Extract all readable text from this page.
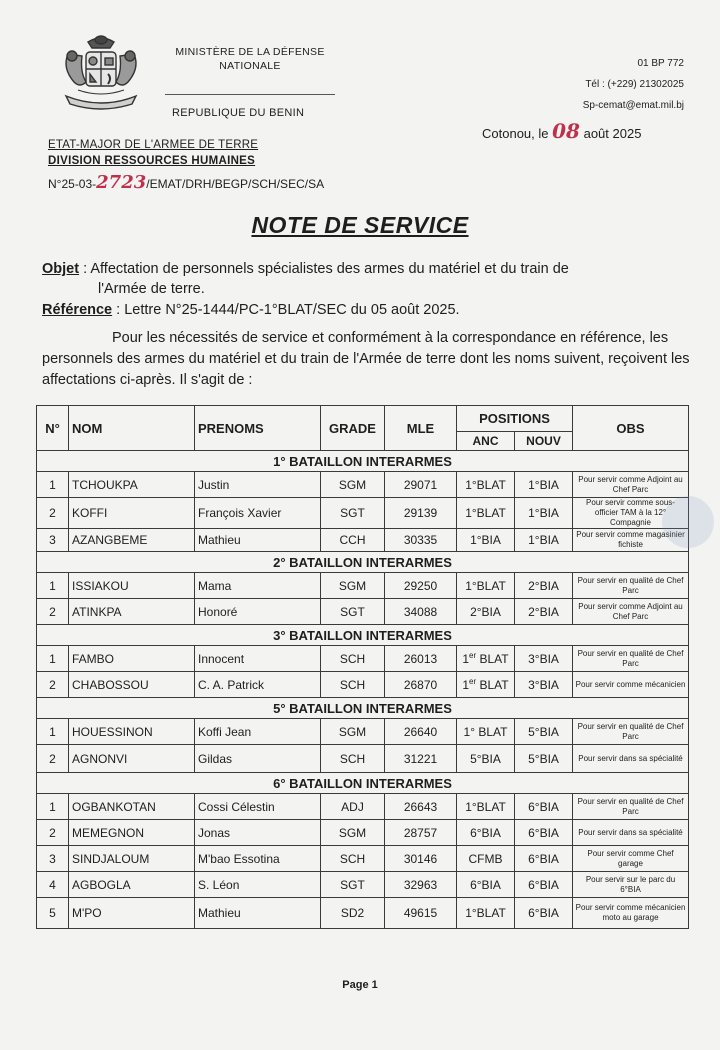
MINISTÈRE DE LA DÉFENSE
NATIONALE
REPUBLIQUE DU BENIN
01 BP 772
Tél : (+229) 21302025
Sp-cemat@emat.mil.bj
Cotonou, le 08 août 2025
ETAT-MAJOR DE L'ARMEE DE TERRE
DIVISION RESSOURCES HUMAINES
N°25-03-2723/EMAT/DRH/BEGP/SCH/SEC/SA
NOTE DE SERVICE
Objet : Affectation de personnels spécialistes des armes du matériel et du train de
l'Armée de terre.
Référence : Lettre N°25-1444/PC-1°BLAT/SEC du 05 août 2025.
Pour les nécessités de service et conformément à la correspondance en référence, les personnels des armes du matériel et du train de l'Armée de terre dont les noms suivent, reçoivent les affectations ci-après. Il s'agit de :
N°	NOM	PRENOMS	GRADE	MLE	POSITIONS		OBS
					ANC	NOUV	
1° BATAILLON INTERARMES							
1	TCHOUKPA	Justin	SGM	29071	1°BLAT	1°BIA	Pour servir comme Adjoint au Chef Parc
2	KOFFI	François Xavier	SGT	29139	1°BLAT	1°BIA	Pour servir comme sous-officier TAM à la 12° Compagnie
3	AZANGBEME	Mathieu	CCH	30335	1°BIA	1°BIA	Pour servir comme magasinier fichiste
2° BATAILLON INTERARMES							
1	ISSIAKOU	Mama	SGM	29250	1°BLAT	2°BIA	Pour servir en qualité de Chef Parc
2	ATINKPA	Honoré	SGT	34088	2°BIA	2°BIA	Pour servir comme Adjoint au Chef Parc
3° BATAILLON INTERARMES							
1	FAMBO	Innocent	SCH	26013	1er BLAT	3°BIA	Pour servir en qualité de Chef Parc
2	CHABOSSOU	C. A. Patrick	SCH	26870	1er BLAT	3°BIA	Pour servir comme mécanicien
5° BATAILLON INTERARMES							
1	HOUESSINON	Koffi Jean	SGM	26640	1° BLAT	5°BIA	Pour servir en qualité de Chef Parc
2	AGNONVI	Gildas	SCH	31221	5°BIA	5°BIA	Pour servir dans sa spécialité
6° BATAILLON INTERARMES							
1	OGBANKOTAN	Cossi Célestin	ADJ	26643	1°BLAT	6°BIA	Pour servir en qualité de Chef Parc
2	MEMEGNON	Jonas	SGM	28757	6°BIA	6°BIA	Pour servir dans sa spécialité
3	SINDJALOUM	M'bao Essotina	SCH	30146	CFMB	6°BIA	Pour servir comme Chef garage
4	AGBOGLA	S. Léon	SGT	32963	6°BIA	6°BIA	Pour servir sur le parc du 6°BIA
5	M'PO	Mathieu	SD2	49615	1°BLAT	6°BIA	Pour servir comme mécanicien moto au garage
Page 1
